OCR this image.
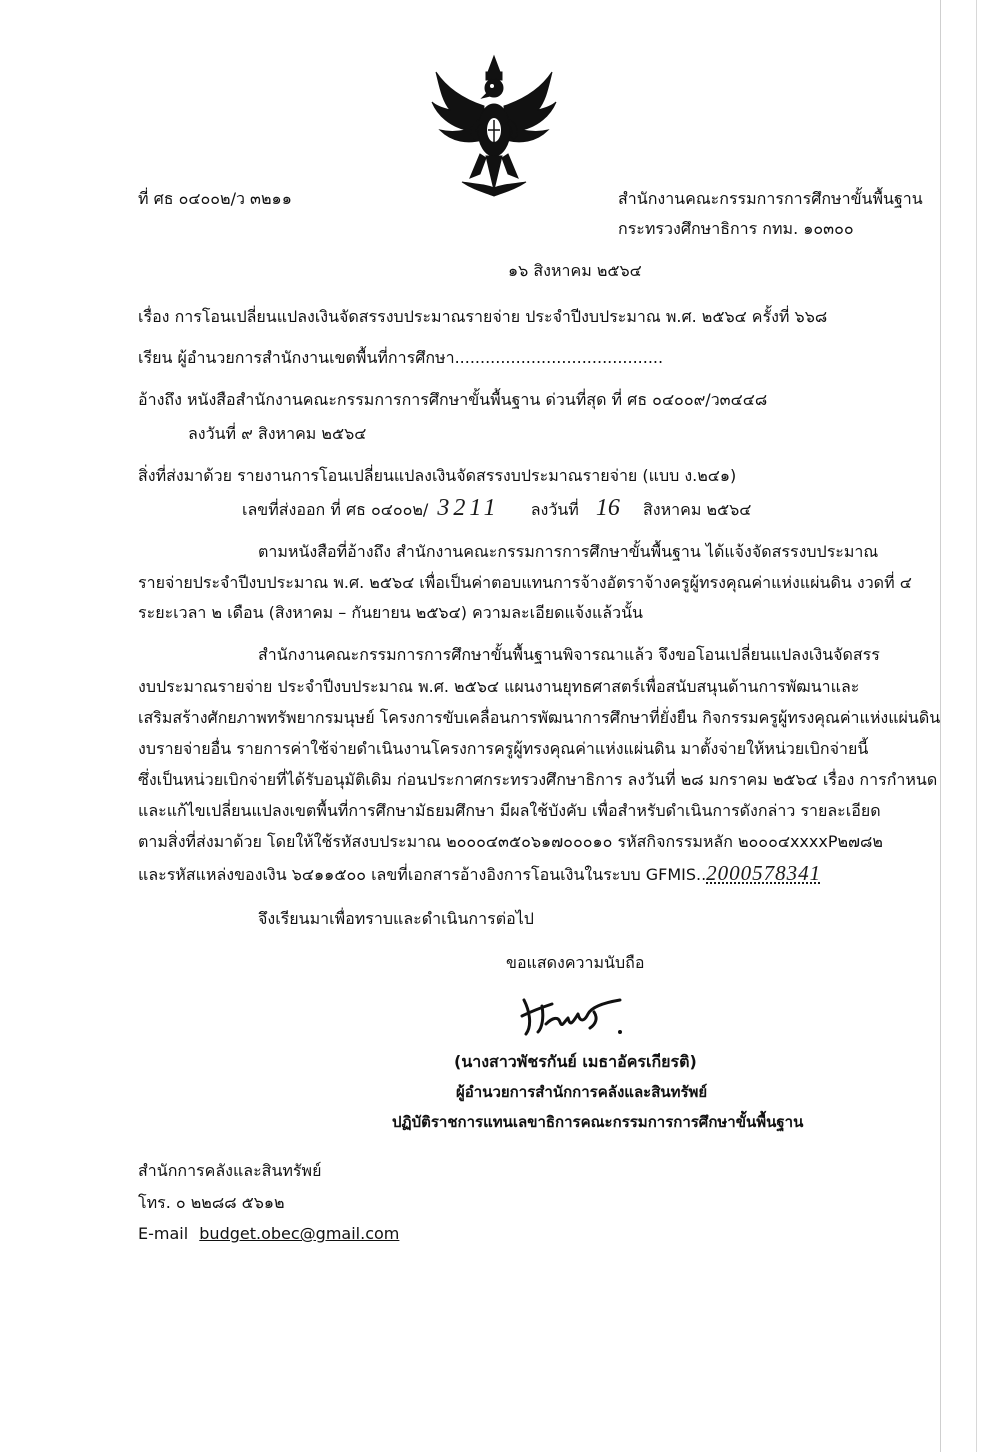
ที่ ศธ ๐๔๐๐๒/ว ๓๒๑๑	สำนักงานคณะกรรมการการศึกษาขั้นพื้นฐาน
กระทรวงศึกษาธิการ กทม. ๑๐๓๐๐
๑๖ สิงหาคม ๒๕๖๔
เรื่อง การโอนเปลี่ยนแปลงเงินจัดสรรงบประมาณรายจ่าย ประจำปีงบประมาณ พ.ศ. ๒๕๖๔ ครั้งที่ ๖๖๘
เรียน ผู้อำนวยการสำนักงานเขตพื้นที่การศึกษา.........................................
อ้างถึง หนังสือสำนักงานคณะกรรมการการศึกษาขั้นพื้นฐาน ด่วนที่สุด ที่ ศธ ๐๔๐๐๙/ว๓๔๔๘
ลงวันที่ ๙ สิงหาคม ๒๕๖๔
สิ่งที่ส่งมาด้วย รายงานการโอนเปลี่ยนแปลงเงินจัดสรรงบประมาณรายจ่าย (แบบ ง.๒๔๑)
เลขที่ส่งออก ที่ ศธ ๐๔๐๐๒/ 3211 ลงวันที่ 16 สิงหาคม ๒๕๖๔
ตามหนังสือที่อ้างถึง สำนักงานคณะกรรมการการศึกษาขั้นพื้นฐาน ได้แจ้งจัดสรรงบประมาณ
รายจ่ายประจำปีงบประมาณ พ.ศ. ๒๕๖๔ เพื่อเป็นค่าตอบแทนการจ้างอัตราจ้างครูผู้ทรงคุณค่าแห่งแผ่นดิน งวดที่ ๔
ระยะเวลา ๒ เดือน (สิงหาคม – กันยายน ๒๕๖๔) ความละเอียดแจ้งแล้วนั้น
สำนักงานคณะกรรมการการศึกษาขั้นพื้นฐานพิจารณาแล้ว จึงขอโอนเปลี่ยนแปลงเงินจัดสรร
งบประมาณรายจ่าย ประจำปีงบประมาณ พ.ศ. ๒๕๖๔ แผนงานยุทธศาสตร์เพื่อสนับสนุนด้านการพัฒนาและ
เสริมสร้างศักยภาพทรัพยากรมนุษย์ โครงการขับเคลื่อนการพัฒนาการศึกษาที่ยั่งยืน กิจกรรมครูผู้ทรงคุณค่าแห่งแผ่นดิน
งบรายจ่ายอื่น รายการค่าใช้จ่ายดำเนินงานโครงการครูผู้ทรงคุณค่าแห่งแผ่นดิน มาตั้งจ่ายให้หน่วยเบิกจ่ายนี้
ซึ่งเป็นหน่วยเบิกจ่ายที่ได้รับอนุมัติเดิม ก่อนประกาศกระทรวงศึกษาธิการ ลงวันที่ ๒๘ มกราคม ๒๕๖๔ เรื่อง การกำหนด
และแก้ไขเปลี่ยนแปลงเขตพื้นที่การศึกษามัธยมศึกษา มีผลใช้บังคับ เพื่อสำหรับดำเนินการดังกล่าว รายละเอียด
ตามสิ่งที่ส่งมาด้วย โดยให้ใช้รหัสงบประมาณ ๒๐๐๐๔๓๕๐๖๑๗๐๐๐๑๐ รหัสกิจกรรมหลัก ๒๐๐๐๔xxxxP๒๗๘๒
และรหัสแหล่งของเงิน ๖๔๑๑๕๐๐ เลขที่เอกสารอ้างอิงการโอนเงินในระบบ GFMIS..2000578341
จึงเรียนมาเพื่อทราบและดำเนินการต่อไป
ขอแสดงความนับถือ
(นางสาวพัชรกันย์ เมธาอัครเกียรติ)
ผู้อำนวยการสำนักการคลังและสินทรัพย์
ปฏิบัติราชการแทนเลขาธิการคณะกรรมการการศึกษาขั้นพื้นฐาน
สำนักการคลังและสินทรัพย์
โทร. ๐ ๒๒๘๘ ๕๖๑๒
E-mail budget.obec@gmail.com
